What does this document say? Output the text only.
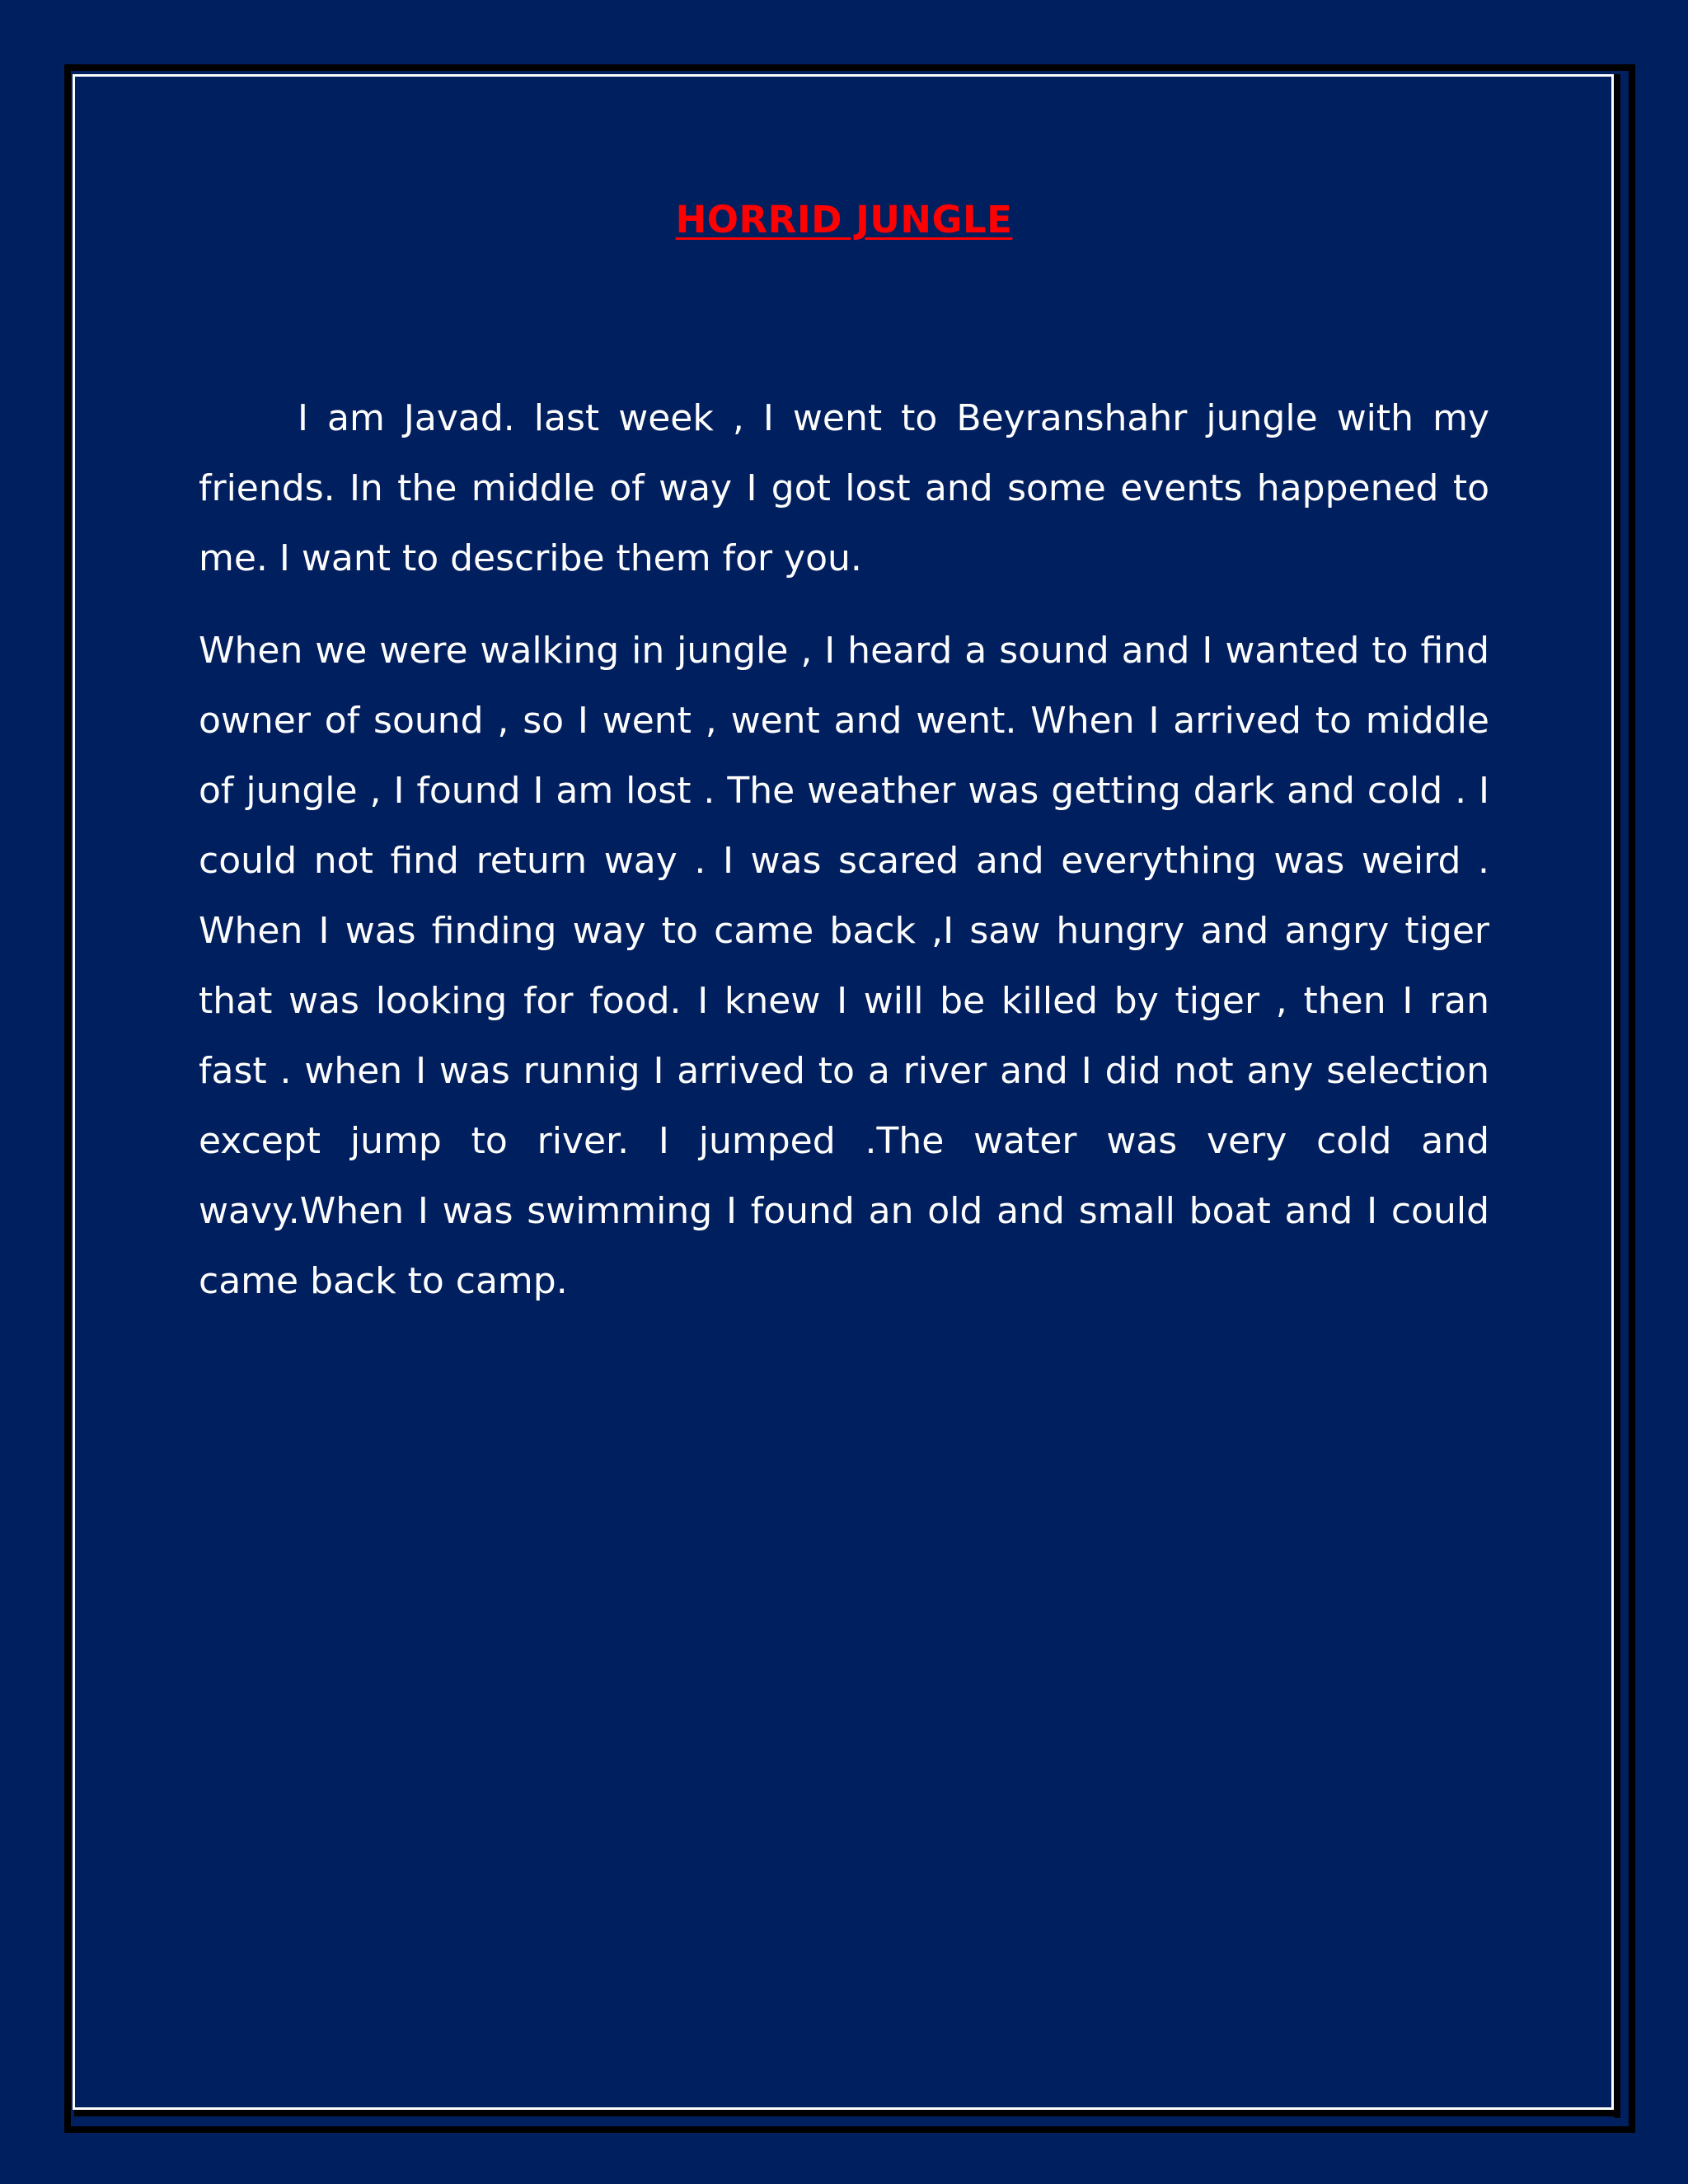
HORRID JUNGLE

I am Javad. last week , I went to Beyranshahr jungle with my friends. In the middle of way I got lost and some events happened to me. I want to describe them for you.

When we were walking in jungle , I heard a sound and I wanted to find owner of sound , so I went , went and went. When I arrived to middle of jungle , I found I am lost . The weather was getting dark and cold . I could not find return way . I was scared and everything was weird . When I was finding way to came back ,I saw hungry and angry tiger that was looking for food. I knew I will be killed by tiger , then I ran fast . when I was runnig I arrived to a river and I did not any selection except jump to river. I jumped .The water was very cold and wavy.When I was swimming I found an old and small boat and I could came back to camp.
